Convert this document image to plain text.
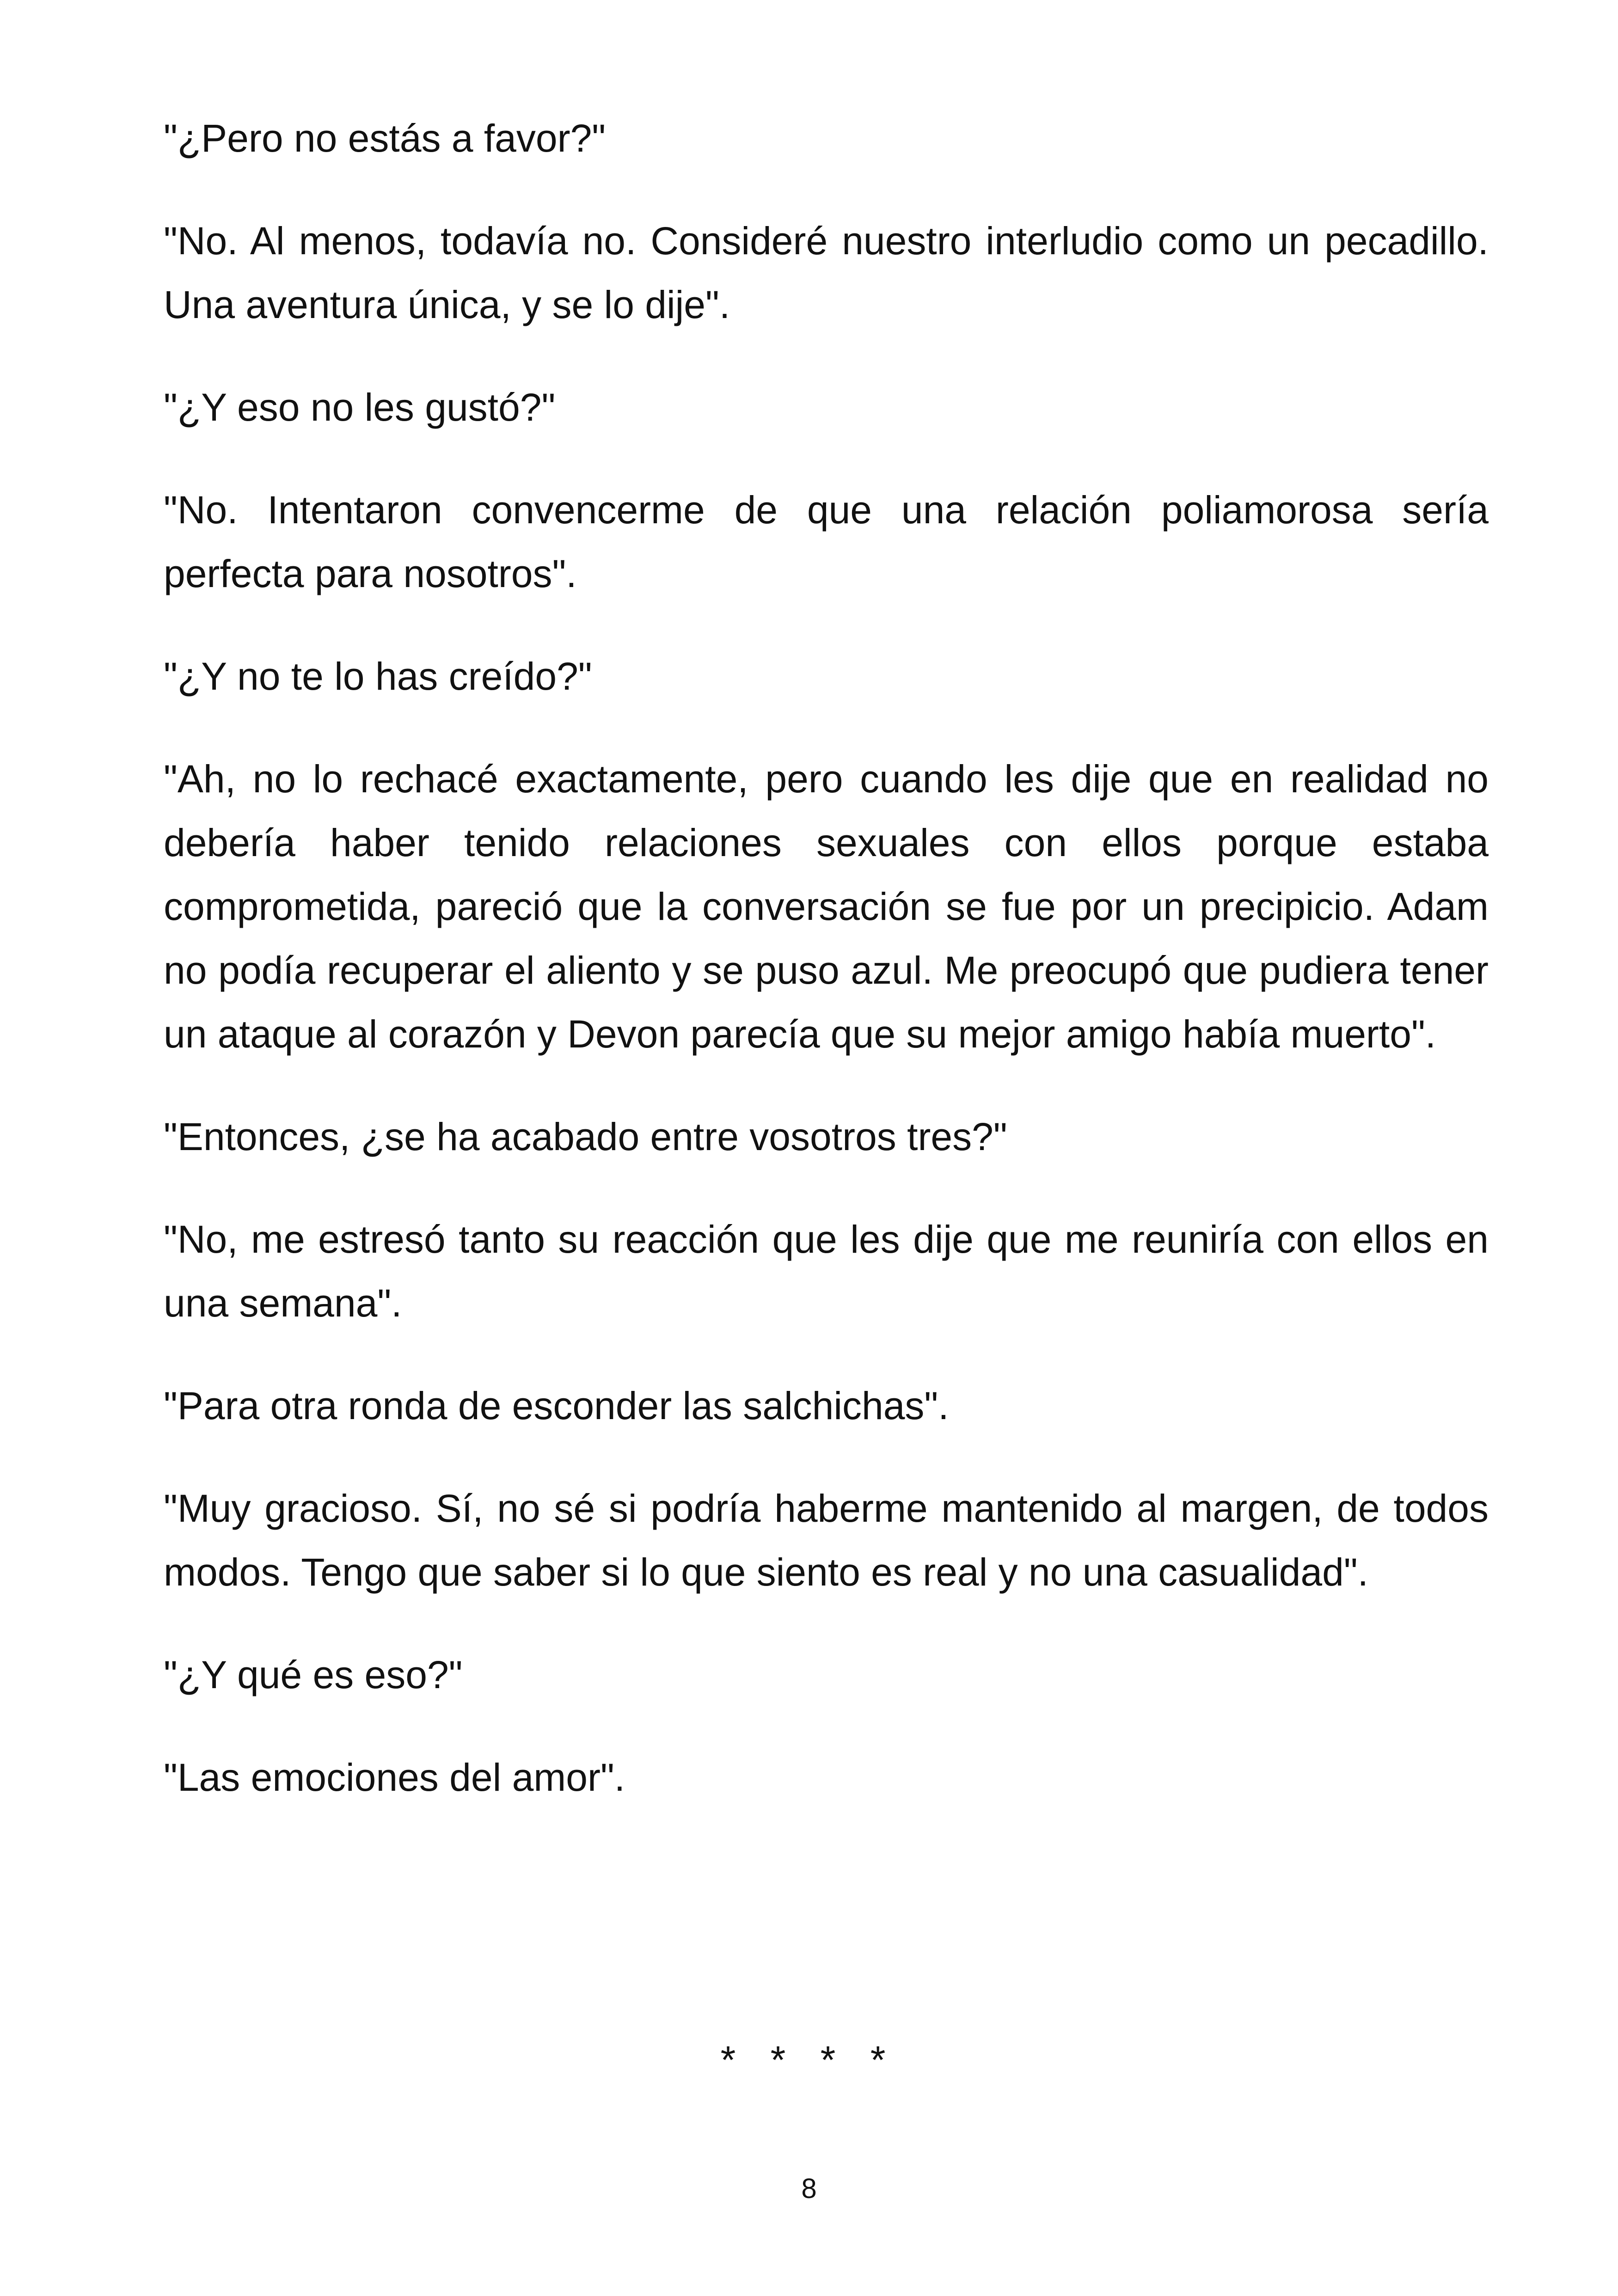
"¿Pero no estás a favor?"

"No. Al menos, todavía no. Consideré nuestro interludio como un pecadillo. Una aventura única, y se lo dije".

"¿Y eso no les gustó?"

"No. Intentaron convencerme de que una relación poliamorosa sería perfecta para nosotros".

"¿Y no te lo has creído?"

"Ah, no lo rechacé exactamente, pero cuando les dije que en realidad no debería haber tenido relaciones sexuales con ellos porque estaba comprometida, pareció que la conversación se fue por un precipicio. Adam no podía recuperar el aliento y se puso azul. Me preocupó que pudiera tener un ataque al corazón y Devon parecía que su mejor amigo había muerto".

"Entonces, ¿se ha acabado entre vosotros tres?"

"No, me estresó tanto su reacción que les dije que me reuniría con ellos en una semana".

"Para otra ronda de esconder las salchichas".

"Muy gracioso. Sí, no sé si podría haberme mantenido al margen, de todos modos. Tengo que saber si lo que siento es real y no una casualidad".

"¿Y qué es eso?"

"Las emociones del amor".

* * * *
8
